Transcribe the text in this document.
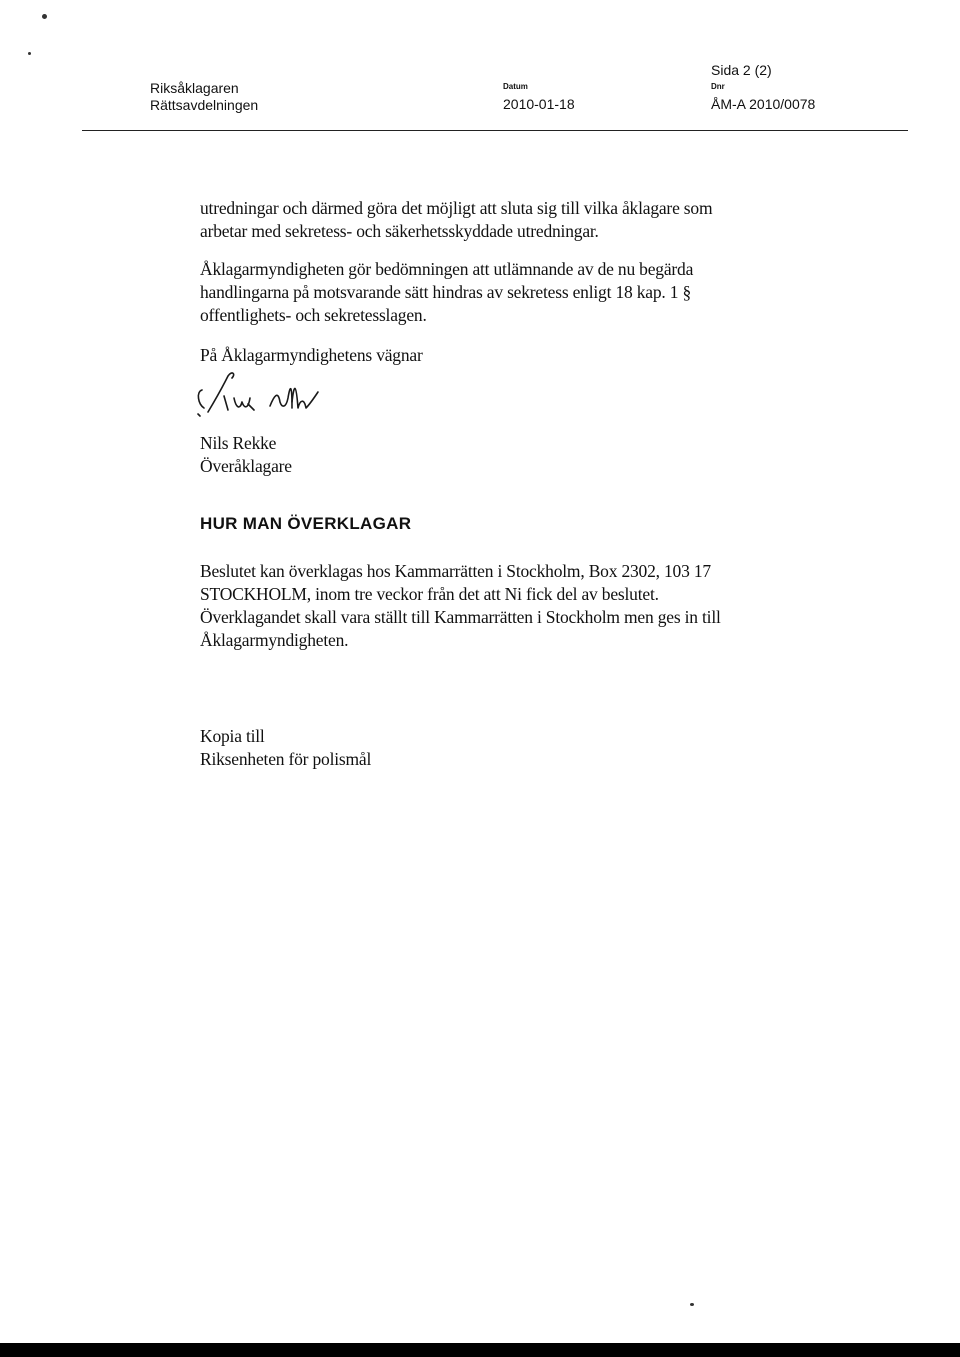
Riksåklagaren
Rättsavdelningen
Datum
2010-01-18
Sida 2 (2)
Dnr
ÅM-A 2010/0078
utredningar och därmed göra det möjligt att sluta sig till vilka åklagare som
arbetar med sekretess- och säkerhetsskyddade utredningar.
Åklagarmyndigheten gör bedömningen att utlämnande av de nu begärda
handlingarna på motsvarande sätt hindras av sekretess enligt 18 kap. 1 §
offentlighets- och sekretesslagen.
På Åklagarmyndighetens vägnar
Nils Rekke
Överåklagare
HUR MAN ÖVERKLAGAR
Beslutet kan överklagas hos Kammarrätten i Stockholm, Box 2302, 103 17
STOCKHOLM, inom tre veckor från det att Ni fick del av beslutet.
Överklagandet skall vara ställt till Kammarrätten i Stockholm men ges in till
Åklagarmyndigheten.
Kopia till
Riksenheten för polismål
